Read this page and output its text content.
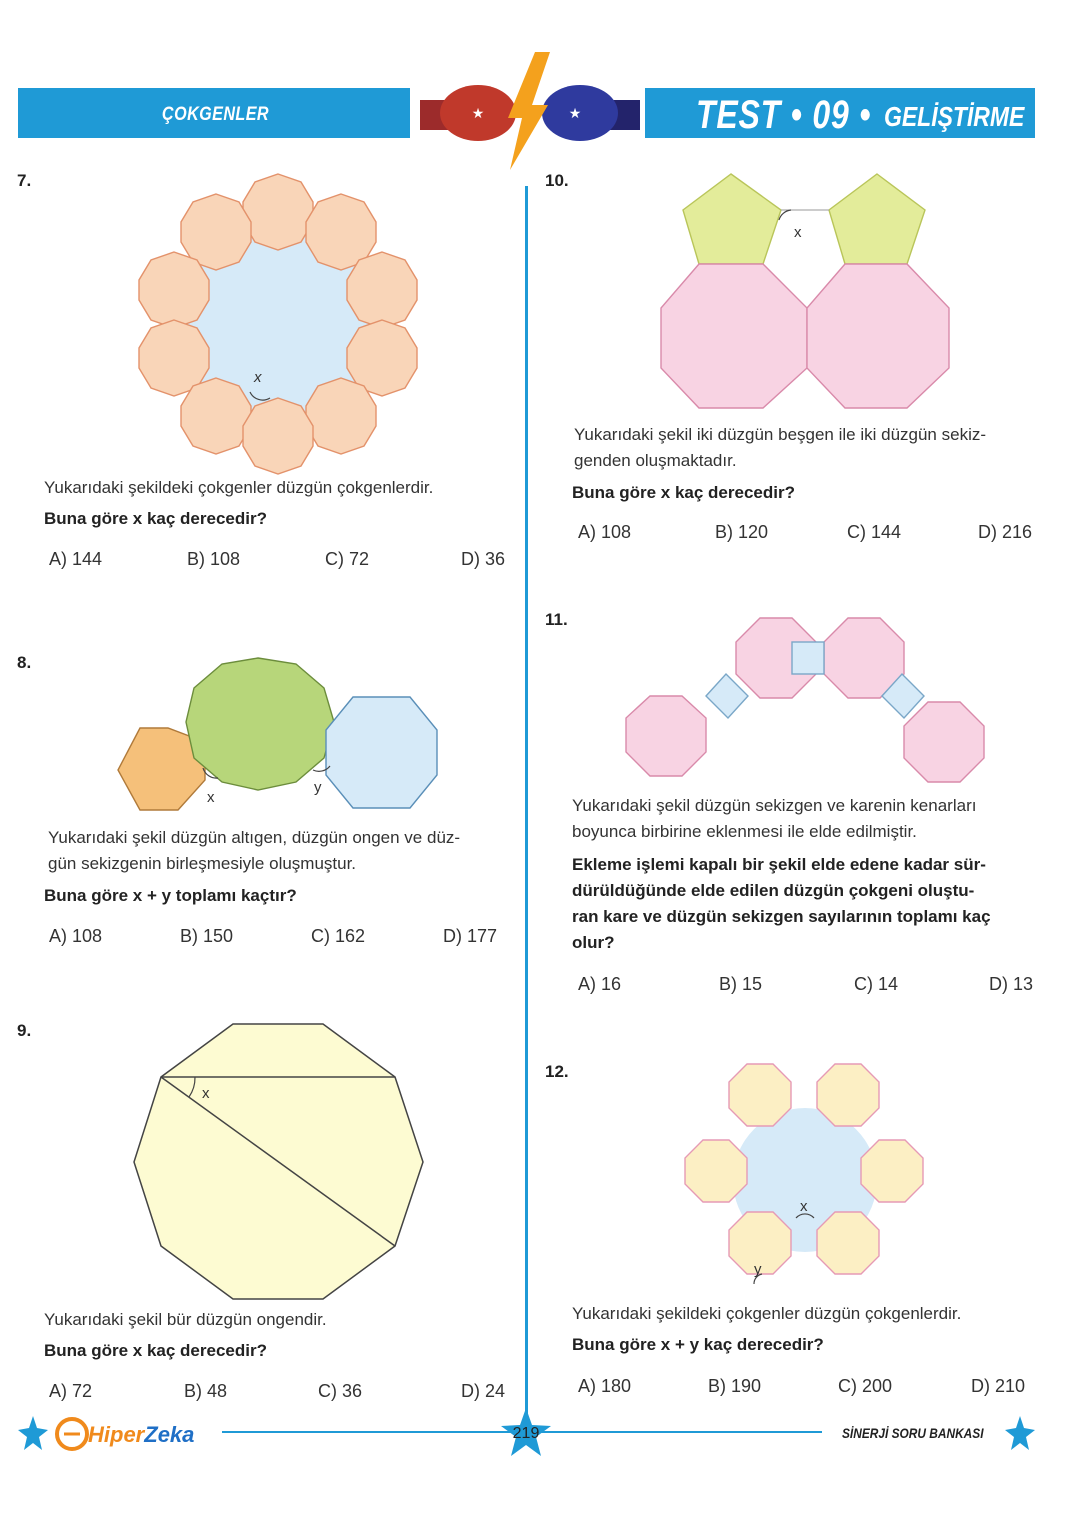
★	★
ÇOKGENLER	TEST • 09 • GELİŞTİRME
7.
x
Yukarıdaki şekildeki çokgenler düzgün çokgenlerdir.
Buna göre x kaç derecedir?
A) 144	B) 108	C) 72	D) 36
8.
x
y
Yukarıdaki şekil düzgün altıgen, düzgün ongen ve düz-
gün sekizgenin birleşmesiyle oluşmuştur.
Buna göre x + y toplamı kaçtır?
A) 108	B) 150	C) 162	D) 177
9.
x
Yukarıdaki şekil bür düzgün ongendir.
Buna göre x kaç derecedir?
A) 72	B) 48	C) 36	D) 24
10.
x
Yukarıdaki şekil iki düzgün beşgen ile iki düzgün sekiz-
genden oluşmaktadır.
Buna göre x kaç derecedir?
A) 108	B) 120	C) 144	D) 216
11.
Yukarıdaki şekil düzgün sekizgen ve karenin kenarları
boyunca birbirine eklenmesi ile elde edilmiştir.
Ekleme işlemi kapalı bir şekil elde edene kadar sür-
dürüldüğünde elde edilen düzgün çokgeni oluştu-
ran kare ve düzgün sekizgen sayılarının toplamı kaç
olur?
A) 16	B) 15	C) 14	D) 13
12.
x
y
Yukarıdaki şekildeki çokgenler düzgün çokgenlerdir.
Buna göre x + y kaç derecedir?
A) 180	B) 190	C) 200	D) 210
HiperZeka	219	SİNERJİ SORU BANKASI
